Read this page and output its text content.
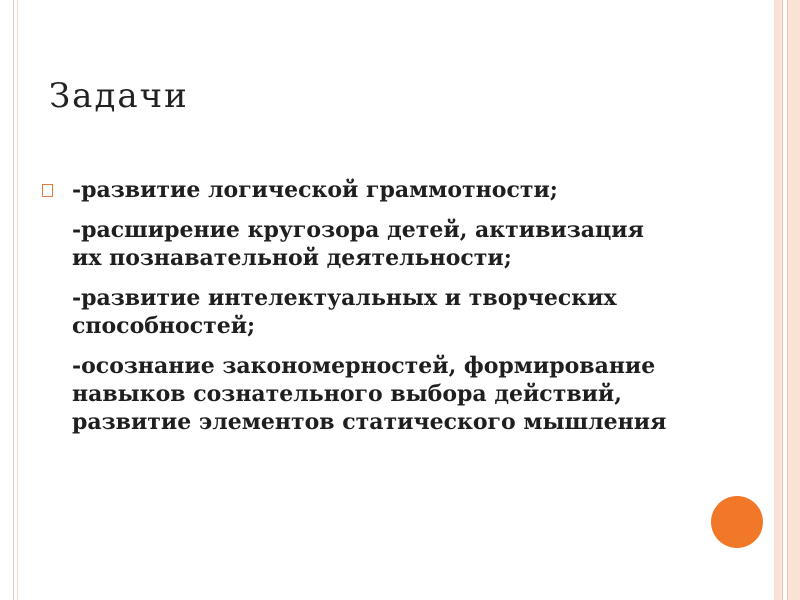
Задачи
-развитие логической граммотности;
-расширение кругозора детей, активизация их познавательной деятельности;
-развитие интелектуальных и творческих способностей;
-осознание закономерностей, формирование навыков сознательного выбора действий, развитие элементов статического мышления
